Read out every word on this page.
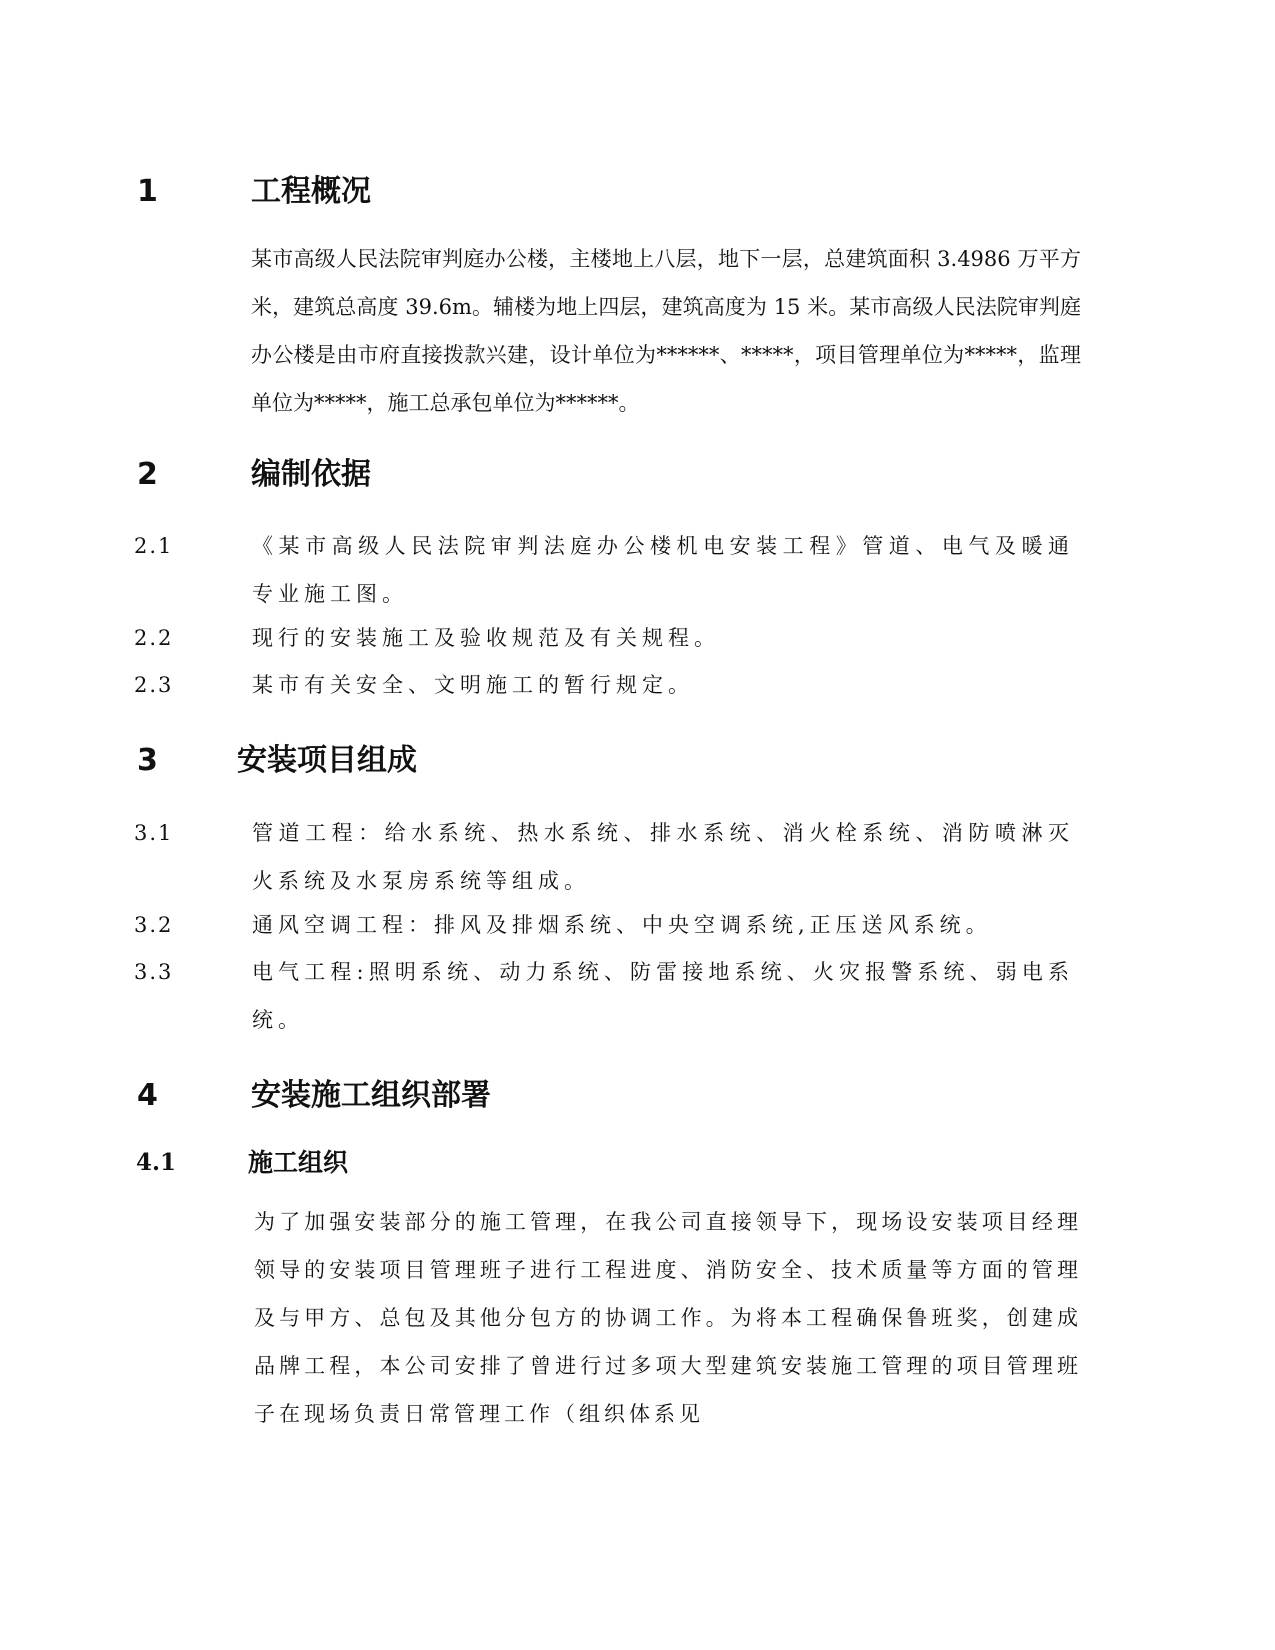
1	工程概况
某市高级人民法院审判庭办公楼，主楼地上八层，地下一层，总建筑面积 3.4986 万平方米，建筑总高度 39.6m。辅楼为地上四层，建筑高度为 15 米。某市高级人民法院审判庭办公楼是由市府直接拨款兴建，设计单位为******、*****，项目管理单位为*****，监理单位为*****，施工总承包单位为******。
2	编制依据
2.1	《某市高级人民法院审判法庭办公楼机电安装工程》管道、电气及暖通专业施工图。
2.2	现行的安装施工及验收规范及有关规程。
2.3	某市有关安全、文明施工的暂行规定。
3	安装项目组成
3.1	管道工程：给水系统、热水系统、排水系统、消火栓系统、消防喷淋灭火系统及水泵房系统等组成。
3.2	通风空调工程：排风及排烟系统、中央空调系统,正压送风系统。
3.3	电气工程:照明系统、动力系统、防雷接地系统、火灾报警系统、弱电系统。
4	安装施工组织部署
4.1	施工组织
为了加强安装部分的施工管理，在我公司直接领导下，现场设安装项目经理领导的安装项目管理班子进行工程进度、消防安全、技术质量等方面的管理及与甲方、总包及其他分包方的协调工作。为将本工程确保鲁班奖，创建成品牌工程，本公司安排了曾进行过多项大型建筑安装施工管理的项目管理班子在现场负责日常管理工作（组织体系见
